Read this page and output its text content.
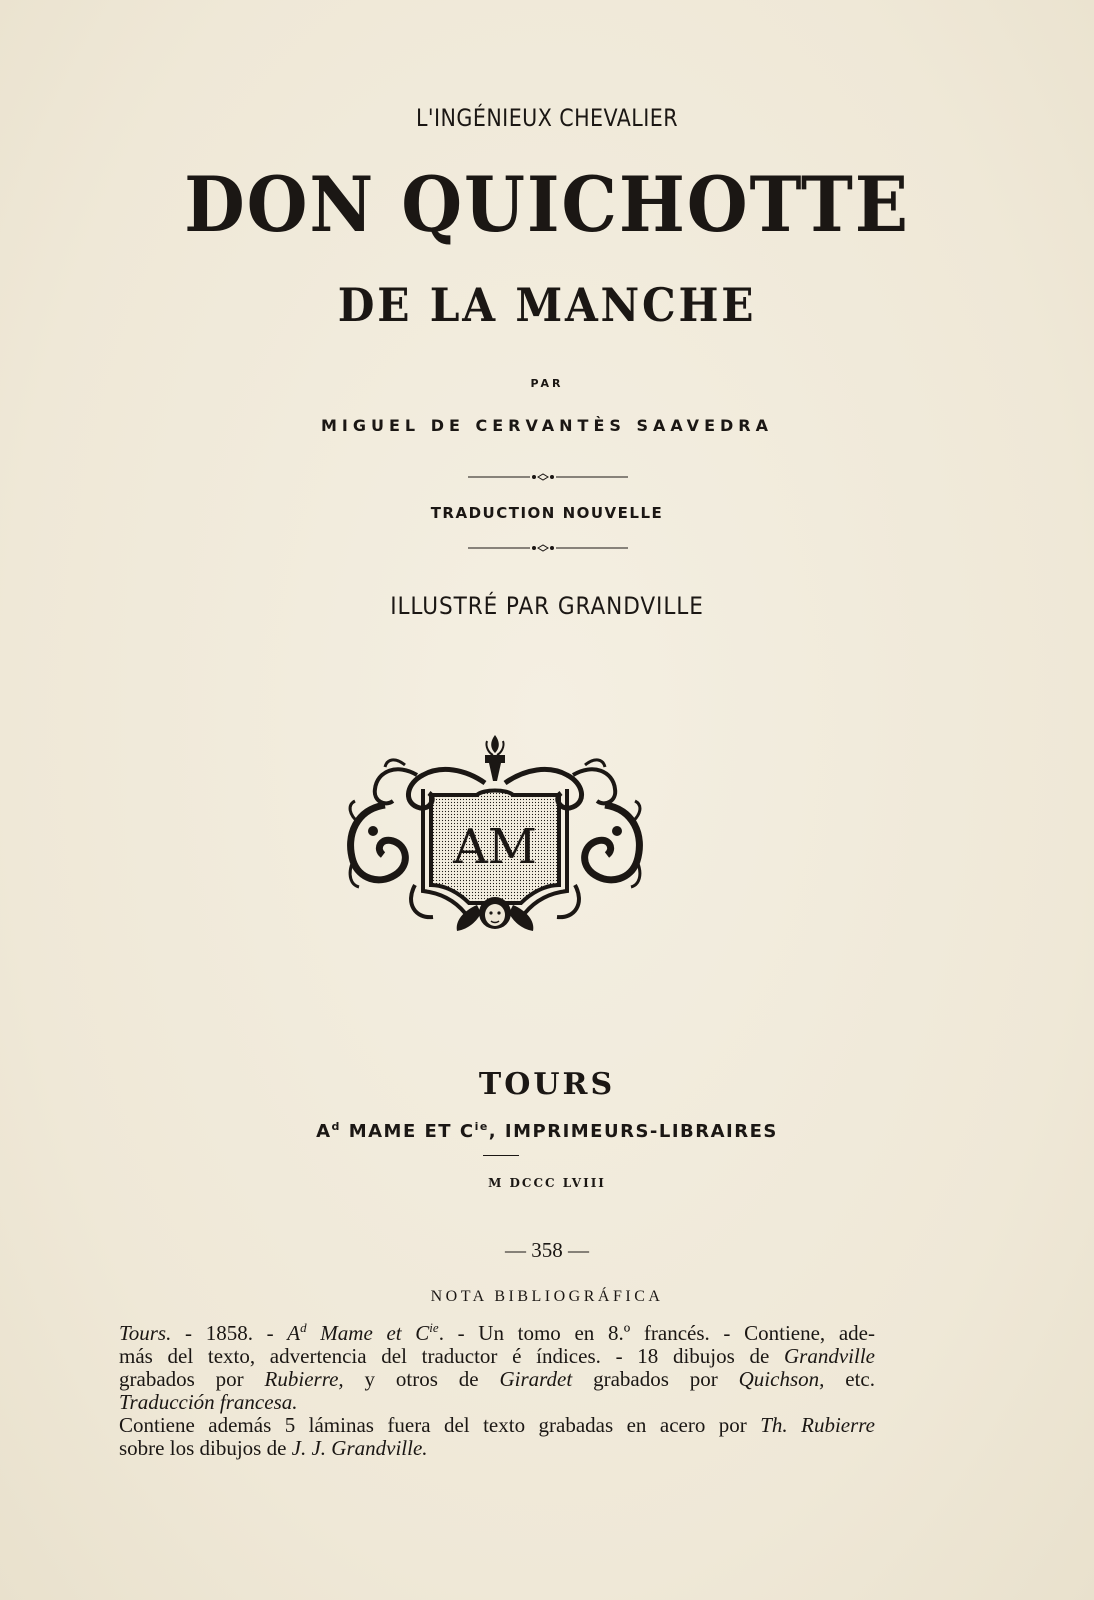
L'INGÉNIEUX CHEVALIER

DON QUICHOTTE

DE LA MANCHE

PAR

MIGUEL DE CERVANTÈS SAAVEDRA

TRADUCTION NOUVELLE

ILLUSTRÉ PAR GRANDVILLE

AM

TOURS

$A^d$ MAME ET $C^{ie}$, IMPRIMEURS-LIBRAIRES

M DCCC LVIII

— 358 —

NOTA BIBLIOGRÁFICA

Tours. - 1858. - $A^d$ Mame et $C^{ie}$. - Un tomo en 8.º francés. - Contiene, ade-

más del texto, advertencia del traductor é índices. - 18 dibujos de Grandville

grabados por Rubierre, y otros de Girardet grabados por Quichson, etc.

Traducción francesa.

Contiene además 5 láminas fuera del texto grabadas en acero por Th. Rubierre

sobre los dibujos de J. J. Grandville.
